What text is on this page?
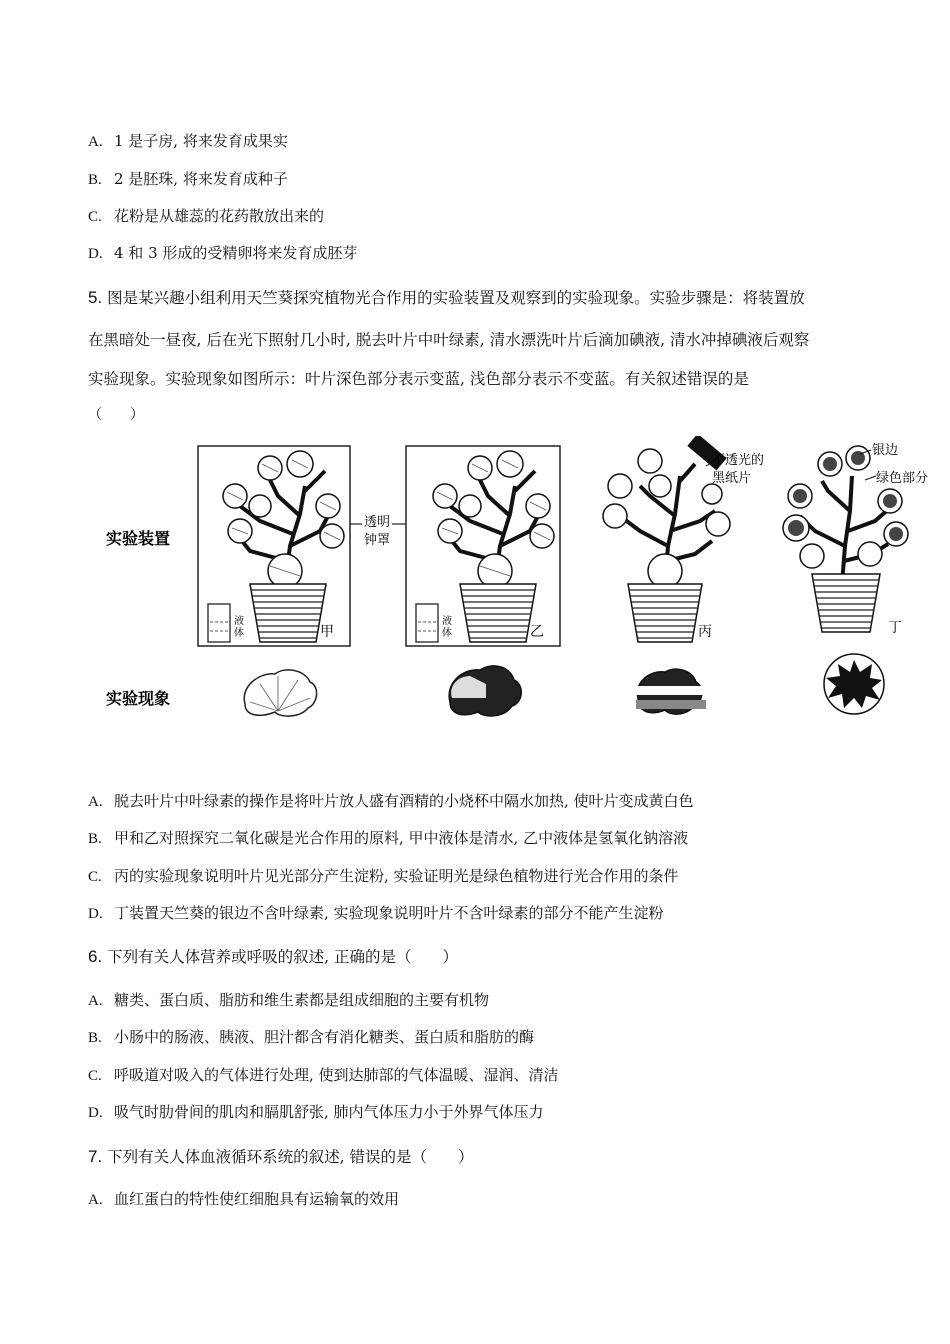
A. 1 是子房, 将来发育成果实
B. 2 是胚珠, 将来发育成种子
C. 花粉是从雄蕊的花药散放出来的
D. 4 和 3 形成的受精卵将来发育成胚芽
5. 图是某兴趣小组利用天竺葵探究植物光合作用的实验装置及观察到的实验现象。实验步骤是：将装置放
在黑暗处一昼夜, 后在光下照射几小时, 脱去叶片中叶绿素, 清水漂洗叶片后滴加碘液, 清水冲掉碘液后观察
实验现象。实验现象如图所示：叶片深色部分表示变蓝, 浅色部分表示不变蓝。有关叙述错误的是
（　　）
实验装置
实验现象
液
体	甲
透明
钟罩
液
体	乙
不透光的
黑纸片
丙
银边
绿色部分
丁
A. 脱去叶片中叶绿素的操作是将叶片放人盛有酒精的小烧杯中隔水加热, 使叶片变成黄白色
B. 甲和乙对照探究二氧化碳是光合作用的原料, 甲中液体是清水, 乙中液体是氢氧化钠溶液
C. 丙的实验现象说明叶片见光部分产生淀粉, 实验证明光是绿色植物进行光合作用的条件
D. 丁装置天竺葵的银边不含叶绿素, 实验现象说明叶片不含叶绿素的部分不能产生淀粉
6. 下列有关人体营养或呼吸的叙述, 正确的是（　　）
A. 糖类、蛋白质、脂肪和维生素都是组成细胞的主要有机物
B. 小肠中的肠液、胰液、胆汁都含有消化糖类、蛋白质和脂肪的酶
C. 呼吸道对吸入的气体进行处理, 使到达肺部的气体温暖、湿润、清洁
D. 吸气时肋骨间的肌肉和膈肌舒张, 肺内气体压力小于外界气体压力
7. 下列有关人体血液循环系统的叙述, 错误的是（　　）
A. 血红蛋白的特性使红细胞具有运输氧的效用
